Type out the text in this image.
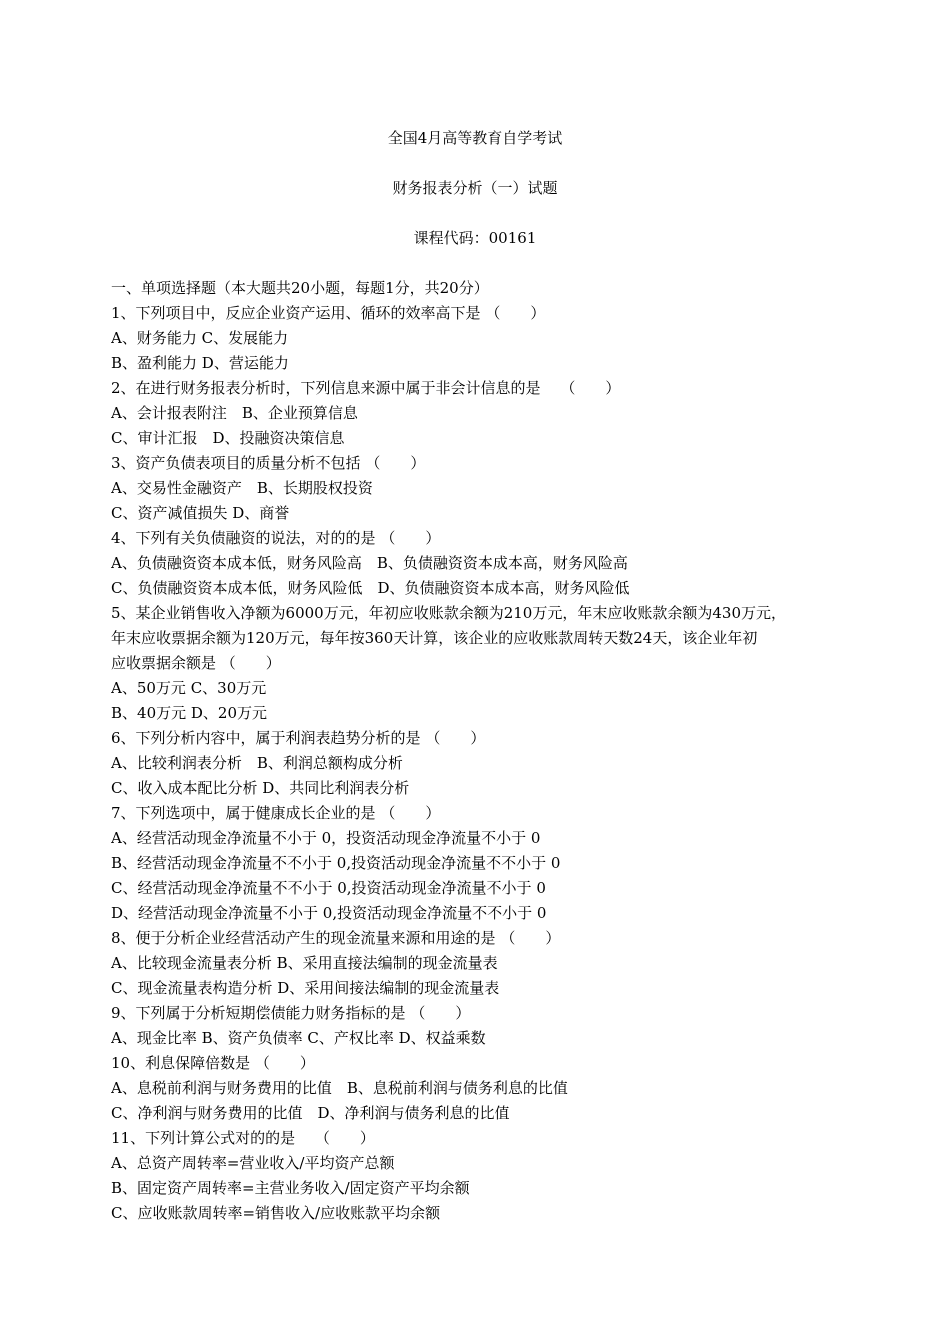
全国4月高等教育自学考试
财务报表分析（一）试题
课程代码：00161
一、单项选择题（本大题共20小题，每题1分，共20分）
1、下列项目中，反应企业资产运用、循环的效率高下是 （　　）
A、财务能力 C、发展能力
B、盈利能力 D、营运能力
2、在进行财务报表分析时，下列信息来源中属于非会计信息的是　 （　　）
A、会计报表附注　B、企业预算信息
C、审计汇报　D、投融资决策信息
3、资产负债表项目的质量分析不包括 （　　）
A、交易性金融资产　B、长期股权投资
C、资产减值损失 D、商誉
4、下列有关负债融资的说法，对的的是 （　　）
A、负债融资资本成本低，财务风险高　B、负债融资资本成本高，财务风险高
C、负债融资资本成本低，财务风险低　D、负债融资资本成本高，财务风险低
5、某企业销售收入净额为6000万元，年初应收账款余额为210万元，年末应收账款余额为430万元，
年末应收票据余额为120万元，每年按360天计算，该企业的应收账款周转天数24天，该企业年初
应收票据余额是 （　　）
A、50万元 C、30万元
B、40万元 D、20万元
6、下列分析内容中，属于利润表趋势分析的是 （　　）
A、比较利润表分析　B、利润总额构成分析
C、收入成本配比分析 D、共同比利润表分析
7、下列选项中，属于健康成长企业的是 （　　）
A、经营活动现金净流量不小于 0，投资活动现金净流量不小于 0
B、经营活动现金净流量不不小于 0,投资活动现金净流量不不小于 0
C、经营活动现金净流量不不小于 0,投资活动现金净流量不小于 0
D、经营活动现金净流量不小于 0,投资活动现金净流量不不小于 0
8、便于分析企业经营活动产生的现金流量来源和用途的是 （　　）
A、比较现金流量表分析 B、采用直接法编制的现金流量表
C、现金流量表构造分析 D、采用间接法编制的现金流量表
9、下列属于分析短期偿债能力财务指标的是 （　　）
A、现金比率 B、资产负债率 C、产权比率 D、权益乘数
10、利息保障倍数是 （　　）
A、息税前利润与财务费用的比值　B、息税前利润与债务利息的比值
C、净利润与财务费用的比值　D、净利润与债务利息的比值
11、下列计算公式对的的是　 （　　）
A、总资产周转率=营业收入/平均资产总额
B、固定资产周转率=主营业务收入/固定资产平均余额
C、应收账款周转率=销售收入/应收账款平均余额
